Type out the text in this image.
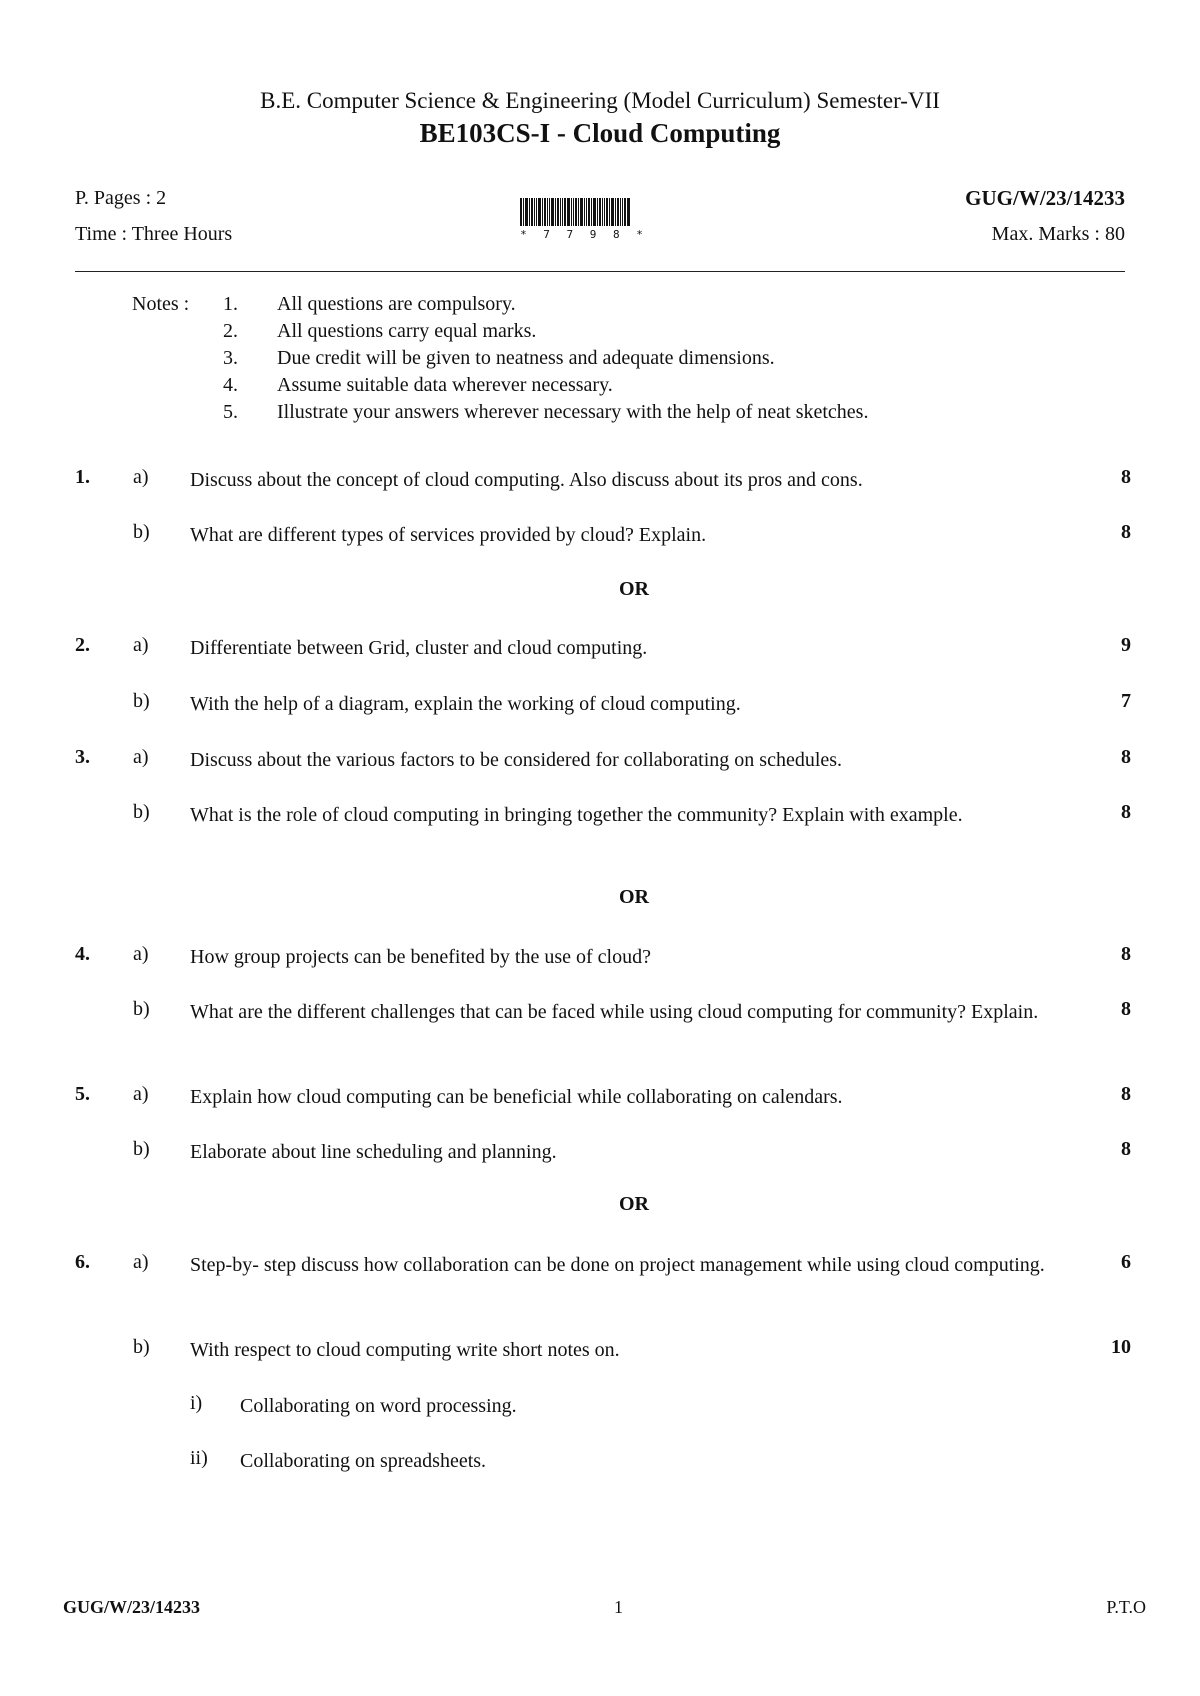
B.E. Computer Science & Engineering (Model Curriculum) Semester-VII
BE103CS-I - Cloud Computing
P. Pages : 2
Time : Three Hours
GUG/W/23/14233
Max. Marks : 80
* 7 7 9 8 *
Notes : 1. All questions are compulsory.
2. All questions carry equal marks.
3. Due credit will be given to neatness and adequate dimensions.
4. Assume suitable data wherever necessary.
5. Illustrate your answers wherever necessary with the help of neat sketches.
1. a) Discuss about the concept of cloud computing. Also discuss about its pros and cons.	8
b) What are different types of services provided by cloud? Explain.	8
OR
2. a) Differentiate between Grid, cluster and cloud computing.	9
b) With the help of a diagram, explain the working of cloud computing.	7
3. a) Discuss about the various factors to be considered for collaborating on schedules.	8
b) What is the role of cloud computing in bringing together the community? Explain with example.	8
OR
4. a) How group projects can be benefited by the use of cloud?	8
b) What are the different challenges that can be faced while using cloud computing for community? Explain.	8
5. a) Explain how cloud computing can be beneficial while collaborating on calendars.	8
b) Elaborate about line scheduling and planning.	8
OR
6. a) Step-by- step discuss how collaboration can be done on project management while using cloud computing.	6
b) With respect to cloud computing write short notes on.	10
i) Collaborating on word processing.
ii) Collaborating on spreadsheets.
GUG/W/23/14233	1	P.T.O
